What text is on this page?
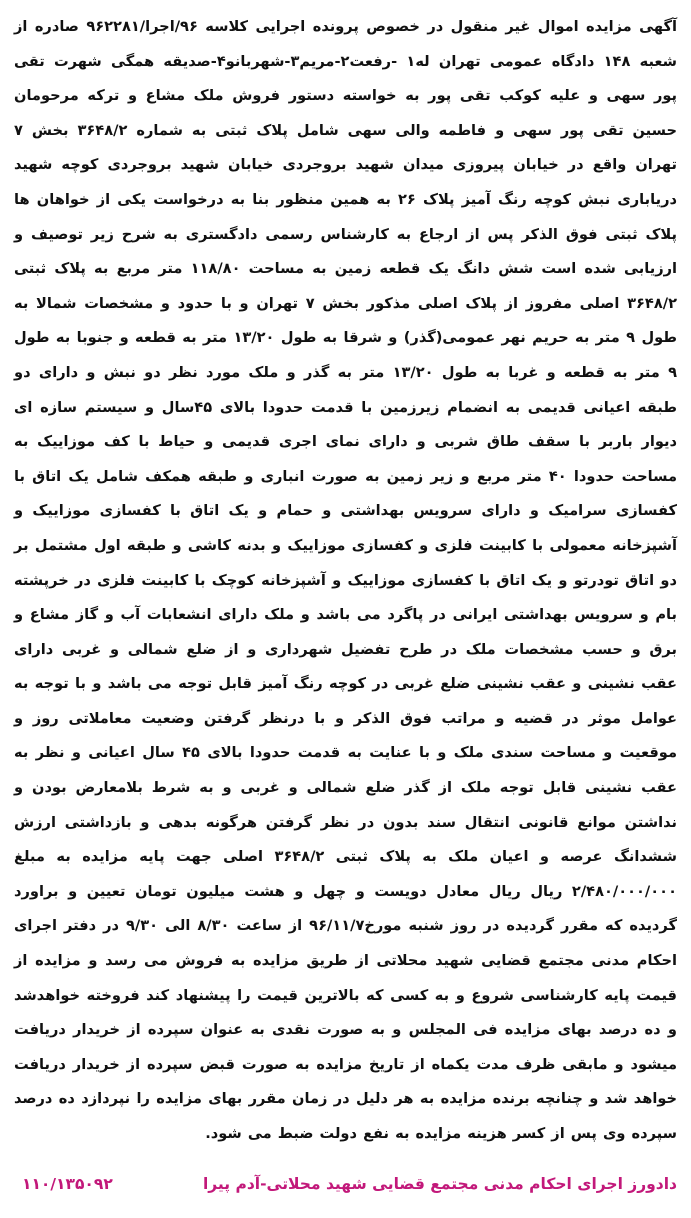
آگهی مزایده اموال غیر منقول در خصوص پرونده اجرایی کلاسه ۹۶/اجرا/۹۶۲۲۸۱ صادره از شعبه ۱۴۸ دادگاه عمومی تهران له۱ -رفعت۲-مریم۳-شهربانو۴-صدیقه همگی شهرت تقی پور سهی و علیه کوکب تقی پور به خواسته دستور فروش ملک مشاع و ترکه مرحومان حسین تقی پور سهی و فاطمه والی سهی شامل پلاک ثبتی به شماره ۳۶۴۸/۲ بخش ۷ تهران واقع در خیابان پیروزی میدان شهید بروجردی خیابان شهید بروجردی کوچه شهید دریاباری نبش کوچه رنگ آمیز پلاک ۲۶ به همین منظور بنا به درخواست یکی از خواهان ها پلاک ثبتی فوق الذکر پس از ارجاع به کارشناس رسمی دادگستری به شرح زیر توصیف و ارزیابی شده است شش دانگ یک قطعه زمین به مساحت ۱۱۸/۸۰ متر مربع به پلاک ثبتی ۳۶۴۸/۲ اصلی مفروز از پلاک اصلی مذکور بخش ۷ تهران و با حدود و مشخصات شمالا به طول ۹ متر به حریم نهر عمومی(گذر) و شرقا به طول ۱۳/۲۰ متر به قطعه و جنوبا به طول ۹ متر به قطعه و غربا به طول ۱۳/۲۰ متر به گذر و ملک مورد نظر دو نبش و دارای دو طبقه اعیانی قدیمی به انضمام زیرزمین با قدمت حدودا بالای ۴۵سال و سیستم سازه ای دیوار باربر با سقف طاق شربی و دارای نمای اجری قدیمی و حیاط با کف موزاییک به مساحت حدودا ۴۰ متر مربع و زیر زمین به صورت انباری و طبقه همکف شامل یک اتاق با کفسازی سرامیک و دارای سرویس بهداشتی و حمام و یک اتاق با کفسازی موزاییک و آشپزخانه معمولی با کابینت فلزی و کفسازی موزاییک و بدنه کاشی و طبقه اول مشتمل بر دو اتاق تودرتو و یک اتاق با کفسازی موزاییک و آشپزخانه کوچک با کابینت فلزی در خرپشته بام و سرویس بهداشتی ایرانی در پاگرد می باشد و ملک دارای انشعابات آب و گاز مشاع و برق و حسب مشخصات ملک در طرح تفضیل شهرداری و از ضلع شمالی و غربی دارای عقب نشینی و عقب نشینی ضلع غربی در کوچه رنگ آمیز قابل توجه می باشد و با توجه به عوامل موثر در قضیه و مراتب فوق الذکر و با درنظر گرفتن وضعیت معاملاتی روز و موقعیت و مساحت سندی ملک و با عنایت به قدمت حدودا بالای ۴۵ سال اعیانی و نظر به عقب نشینی قابل توجه ملک از گذر ضلع شمالی و غربی و به شرط بلامعارض بودن و نداشتن موانع قانونی انتقال سند بدون در نظر گرفتن هرگونه بدهی و بازداشتی ارزش ششدانگ عرصه و اعیان ملک به پلاک ثبتی ۳۶۴۸/۲ اصلی جهت پایه مزایده به مبلغ ۲/۴۸۰/۰۰۰/۰۰۰ ریال ریال معادل دویست و چهل و هشت میلیون تومان تعیین و براورد گردیده که مقرر گردیده در روز شنبه مورخ۹۶/۱۱/۷ از ساعت ۸/۳۰ الی ۹/۳۰ در دفتر اجرای احکام مدنی مجتمع قضایی شهید محلاتی از طریق مزایده به فروش می رسد و مزایده از قیمت پایه کارشناسی شروع و به کسی که بالاترین قیمت را پیشنهاد کند فروخته خواهدشد و ده درصد بهای مزایده فی المجلس و به صورت نقدی به عنوان سپرده از خریدار دریافت میشود و مابقی ظرف مدت یکماه از تاریخ مزایده به صورت قبض سپرده از خریدار دریافت خواهد شد و چنانچه برنده مزایده به هر دلیل در زمان مقرر بهای مزایده را نپردازد ده درصد سپرده وی پس از کسر هزینه مزایده به نفع دولت ضبط می شود.

دادورز اجرای احکام مدنی مجتمع قضایی شهید محلاتی-آدم پیرا
۱۱۰/۱۳۵۰۹۲
